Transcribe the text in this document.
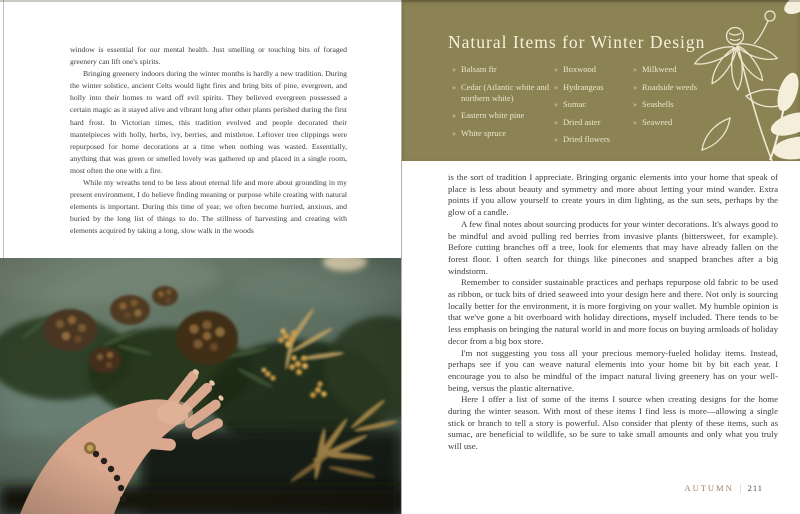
window is essential for our mental health. Just smelling or touching bits of foraged greenery can lift one's spirits.

Bringing greenery indoors during the winter months is hardly a new tradition. During the winter solstice, ancient Celts would light fires and bring bits of pine, evergreen, and holly into their homes to ward off evil spirits. They believed evergreen possessed a certain magic as it stayed alive and vibrant long after other plants perished during the first hard frost. In Victorian times, this tradition evolved and people decorated their mantelpieces with holly, herbs, ivy, berries, and mistletoe. Leftover tree clippings were repurposed for home decorations at a time when nothing was wasted. Essentially, anything that was green or smelled lovely was gathered up and placed in a single room, most often the one with a fire.

While my wreaths tend to be less about eternal life and more about grounding in my present environment, I do believe finding meaning or purpose while creating with natural elements is important. During this time of year, we often become hurried, anxious, and buried by the long list of things to do. The stillness of harvesting and creating with elements acquired by taking a long, slow walk in the woods

Natural Items for Winter Design
» Balsam fir
» Cedar (Atlantic white and northern white)
» Eastern white pine
» White spruce
» Boxwood
» Hydrangeas
» Sumac
» Dried aster
» Dried flowers
» Milkweed
» Roadside weeds
» Seashells
» Seaweed

is the sort of tradition I appreciate. Bringing organic elements into your home that speak of place is less about beauty and symmetry and more about letting your mind wander. Extra points if you allow yourself to create yours in dim lighting, as the sun sets, perhaps by the glow of a candle.

A few final notes about sourcing products for your winter decorations. It's always good to be mindful and avoid pulling red berries from invasive plants (bittersweet, for example). Before cutting branches off a tree, look for elements that may have already fallen on the forest floor. I often search for things like pinecones and snapped branches after a big windstorm.

Remember to consider sustainable practices and perhaps repurpose old fabric to be used as ribbon, or tuck bits of dried seaweed into your design here and there. Not only is sourcing locally better for the environment, it is more forgiving on your wallet. My humble opinion is that we've gone a bit overboard with holiday directions, myself included. There tends to be less emphasis on bringing the natural world in and more focus on buying armloads of holiday decor from a big box store.

I'm not suggesting you toss all your precious memory-fueled holiday items. Instead, perhaps see if you can weave natural elements into your home bit by bit each year. I encourage you to also be mindful of the impact natural living greenery has on your well-being, versus the plastic alternative.

Here I offer a list of some of the items I source when creating designs for the home during the winter season. With most of these items I find less is more—allowing a single stick or branch to tell a story is powerful. Also consider that plenty of these items, such as sumac, are beneficial to wildlife, so be sure to take small amounts and only what you truly will use.

AUTUMN | 211
